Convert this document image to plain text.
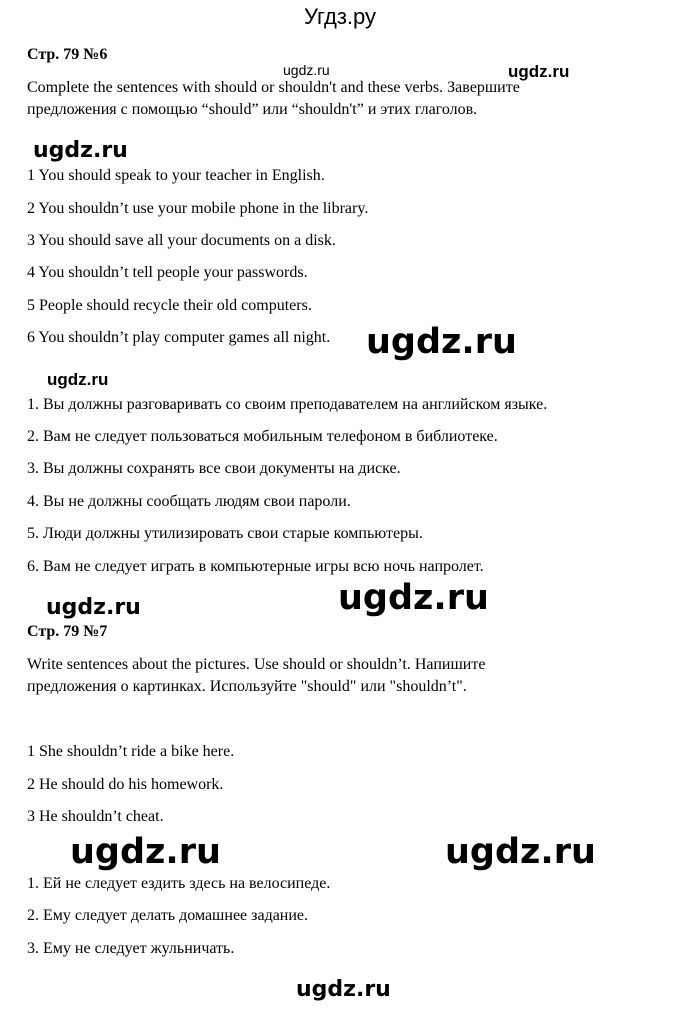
Угдз.ру
Стр. 79 №6
ugdz.ru	ugdz.ru
Complete the sentences with should or shouldn't and these verbs. Завершите
предложения с помощью “should” или “shouldn't” и этих глаголов.
ugdz.ru
1 You should speak to your teacher in English.
2 You shouldn’t use your mobile phone in the library.
3 You should save all your documents on a disk.
4 You shouldn’t tell people your passwords.
5 People should recycle their old computers.
6 You shouldn’t play computer games all night. ugdz.ru
ugdz.ru
1. Вы должны разговаривать со своим преподавателем на английском языке.
2. Вам не следует пользоваться мобильным телефоном в библиотеке.
3. Вы должны сохранять все свои документы на диске.
4. Вы не должны сообщать людям свои пароли.
5. Люди должны утилизировать свои старые компьютеры.
6. Вам не следует играть в компьютерные игры всю ночь напролет.
ugdz.ru	ugdz.ru
Стр. 79 №7
Write sentences about the pictures. Use should or shouldn’t. Напишите
предложения о картинках. Используйте "should" или "shouldn’t".
1 She shouldn’t ride a bike here.
2 He should do his homework.
3 He shouldn’t cheat.
ugdz.ru	ugdz.ru
1. Ей не следует ездить здесь на велосипеде.
2. Ему следует делать домашнее задание.
3. Ему не следует жульничать.
ugdz.ru
